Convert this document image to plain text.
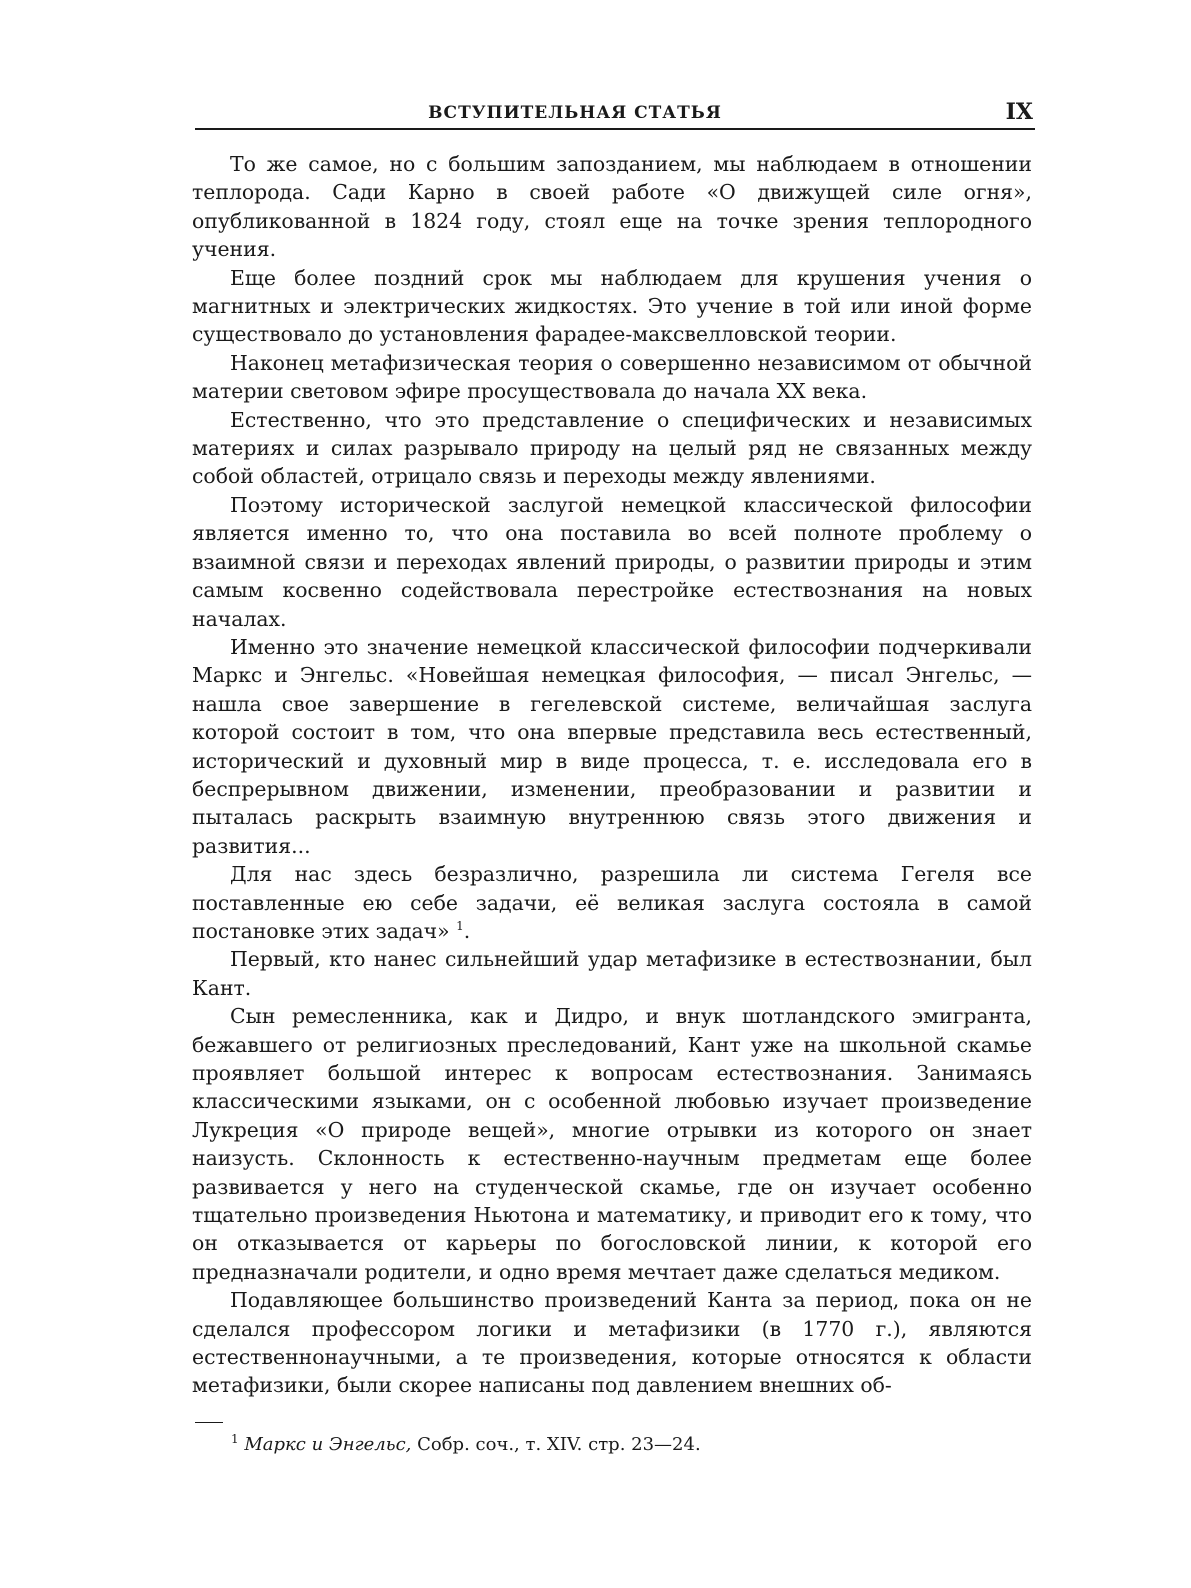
ВСТУПИТЕЛЬНАЯ СТАТЬЯ	IX

То же самое, но с большим запозданием, мы наблюдаем в отношении теплорода. Сади Карно в своей работе «О движущей силе огня», опубликованной в 1824 году, стоял еще на точке зрения теплородного учения.

Еще более поздний срок мы наблюдаем для крушения учения о магнитных и электрических жидкостях. Это учение в той или иной форме существовало до установления фарадее-максвелловской теории.

Наконец метафизическая теория о совершенно независимом от обычной материи световом эфире просуществовала до начала XX века.

Естественно, что это представление о специфических и независимых материях и силах разрывало природу на целый ряд не связанных между собой областей, отрицало связь и переходы между явлениями.

Поэтому исторической заслугой немецкой классической философии является именно то, что она поставила во всей полноте проблему о взаимной связи и переходах явлений природы, о развитии природы и этим самым косвенно содействовала перестройке естествознания на новых началах.

Именно это значение немецкой классической философии подчеркивали Маркс и Энгельс. «Новейшая немецкая философия, — писал Энгельс, — нашла свое завершение в гегелевской системе, величайшая заслуга которой состоит в том, что она впервые представила весь естественный, исторический и духовный мир в виде процесса, т. е. исследовала его в беспрерывном движении, изменении, преобразовании и развитии и пыталась раскрыть взаимную внутреннюю связь этого движения и развития...

Для нас здесь безразлично, разрешила ли система Гегеля все поставленные ею себе задачи, её великая заслуга состояла в самой постановке этих задач» $^1$.

Первый, кто нанес сильнейший удар метафизике в естествознании, был Кант.

Сын ремесленника, как и Дидро, и внук шотландского эмигранта, бежавшего от религиозных преследований, Кант уже на школьной скамье проявляет большой интерес к вопросам естествознания. Занимаясь классическими языками, он с особенной любовью изучает произведение Лукреция «О природе вещей», многие отрывки из которого он знает наизусть. Склонность к естественно-научным предметам еще более развивается у него на студенческой скамье, где он изучает особенно тщательно произведения Ньютона и математику, и приводит его к тому, что он отказывается от карьеры по богословской линии, к которой его предназначали родители, и одно время мечтает даже сделаться медиком.

Подавляющее большинство произведений Канта за период, пока он не сделался профессором логики и метафизики (в 1770 г.), являются естественнонаучными, а те произведения, которые относятся к области метафизики, были скорее написаны под давлением внешних об-

$^1$ Маркс и Энгельс, Собр. соч., т. XIV. стр. 23—24.
